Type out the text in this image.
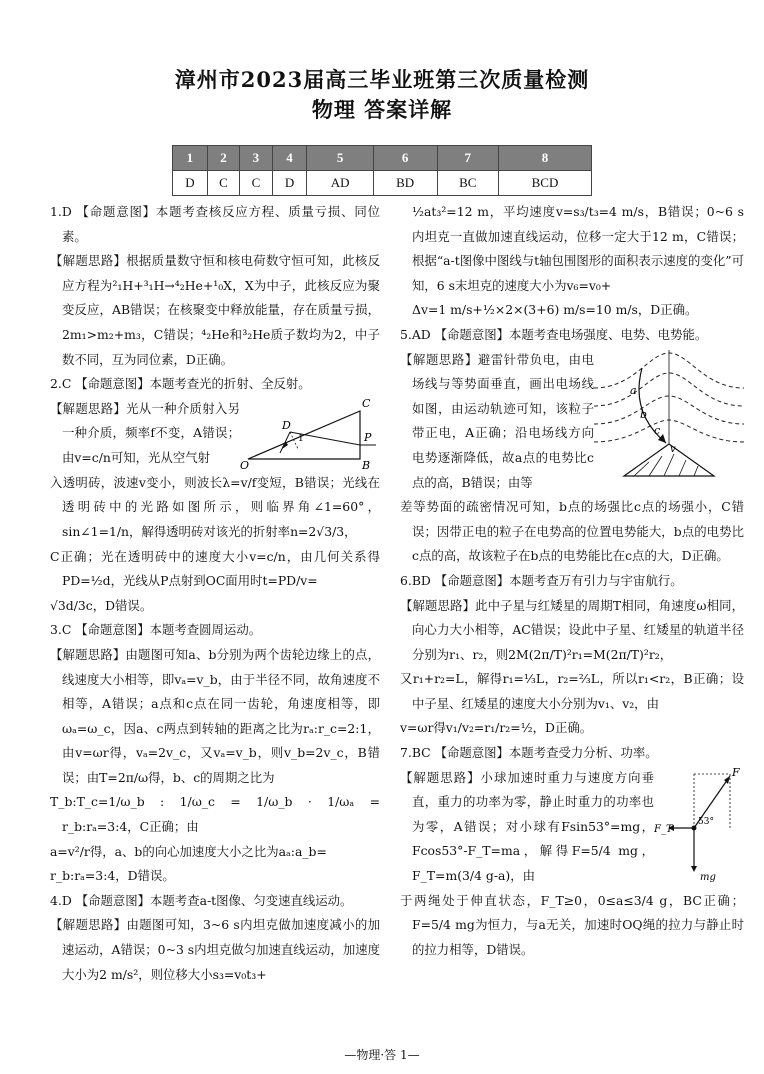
漳州市2023届高三毕业班第三次质量检测
物理 答案详解
1	2	3	4	5	6	7	8
D	C	C	D	AD	BD	BC	BCD

1.D 【命题意图】本题考查核反应方程、质量亏损、同位素。

【解题思路】根据质量数守恒和核电荷数守恒可知，此核反应方程为²₁H+³₁H→⁴₂He+¹₀X，X为中子，此核反应为聚变反应，AB错误；在核聚变中释放能量，存在质量亏损，2m₁>m₂+m₃，C错误；⁴₂He和³₂He质子数均为2，中子数不同，互为同位素，D正确。

2.C 【命题意图】本题考查光的折射、全反射。

【解题思路】光从一种介质射入另一种介质，频率f不变，A错误；由v=c/n可知，光从空气射

O
C
B
P
D
1

入透明砖，波速v变小，则波长λ=v/f变短，B错误；光线在透明砖中的光路如图所示，则临界角∠1=60°，sin∠1=1/n，解得透明砖对该光的折射率n=2√3/3，

C正确；光在透明砖中的速度大小v=c/n，由几何关系得PD=½d，光线从P点射到OC面用时t=PD/v=

√3d/3c，D错误。

3.C 【命题意图】本题考查圆周运动。

【解题思路】由题图可知a、b分别为两个齿轮边缘上的点，线速度大小相等，即vₐ=v_b，由于半径不同，故角速度不相等，A错误；a点和c点在同一齿轮，角速度相等，即ωₐ=ω_c，因a、c两点到转轴的距离之比为rₐ:r_c=2:1，由v=ωr得，vₐ=2v_c，又vₐ=v_b，则v_b=2v_c，B错误；由T=2π/ω得，b、c的周期之比为

T_b:T_c=1/ω_b : 1/ω_c = 1/ω_b · 1/ωₐ = r_b:rₐ=3:4，C正确；由

a=v²/r得，a、b的向心加速度大小之比为aₐ:a_b=

r_b:rₐ=3:4，D错误。

4.D 【命题意图】本题考查a-t图像、匀变速直线运动。

【解题思路】由题图可知，3~6 s内坦克做加速度减小的加速运动，A错误；0~3 s内坦克做匀加速直线运动，加速度大小为2 m/s²，则位移大小s₃=v₀t₃+

½at₃²=12 m，平均速度v=s₃/t₃=4 m/s，B错误；0~6 s内坦克一直做加速直线运动，位移一定大于12 m，C错误；根据“a-t图像中图线与t轴包围图形的面积表示速度的变化”可知，6 s末坦克的速度大小为v₆=v₀+

Δv=1 m/s+½×2×(3+6) m/s=10 m/s，D正确。

5.AD 【命题意图】本题考查电场强度、电势、电势能。

【解题思路】避雷针带负电，由电场线与等势面垂直，画出电场线如图，由运动轨迹可知，该粒子带正电，A正确；沿电场线方向电势逐渐降低，故a点的电势比c点的高，B错误；由等

a
b
c
v

差等势面的疏密情况可知，b点的场强比c点的场强小，C错误；因带正电的粒子在电势高的位置电势能大，b点的电势比c点的高，故该粒子在b点的电势能比在c点的大，D正确。

6.BD 【命题意图】本题考查万有引力与宇宙航行。

【解题思路】此中子星与红矮星的周期T相同，角速度ω相同，向心力大小相等，AC错误；设此中子星、红矮星的轨道半径分别为r₁、r₂，则2M(2π/T)²r₁=M(2π/T)²r₂，

又r₁+r₂=L，解得r₁=⅓L，r₂=⅔L，所以r₁<r₂，B正确；设中子星、红矮星的速度大小分别为v₁、v₂，由

v=ωr得v₁/v₂=r₁/r₂=½，D正确。

7.BC 【命题意图】本题考查受力分析、功率。

【解题思路】小球加速时重力与速度方向垂直，重力的功率为零，静止时重力的功率也为零，A错误；对小球有Fsin53°=mg，Fcos53°-F_T=ma，解得F=5/4 mg，F_T=m(3/4 g-a)，由

F
F_T
53°
mg

于两绳处于伸直状态，F_T≥0，0≤a≤3/4 g，BC正确；F=5/4 mg为恒力，与a无关，加速时OQ绳的拉力与静止时的拉力相等，D错误。

—物理·答 1—
